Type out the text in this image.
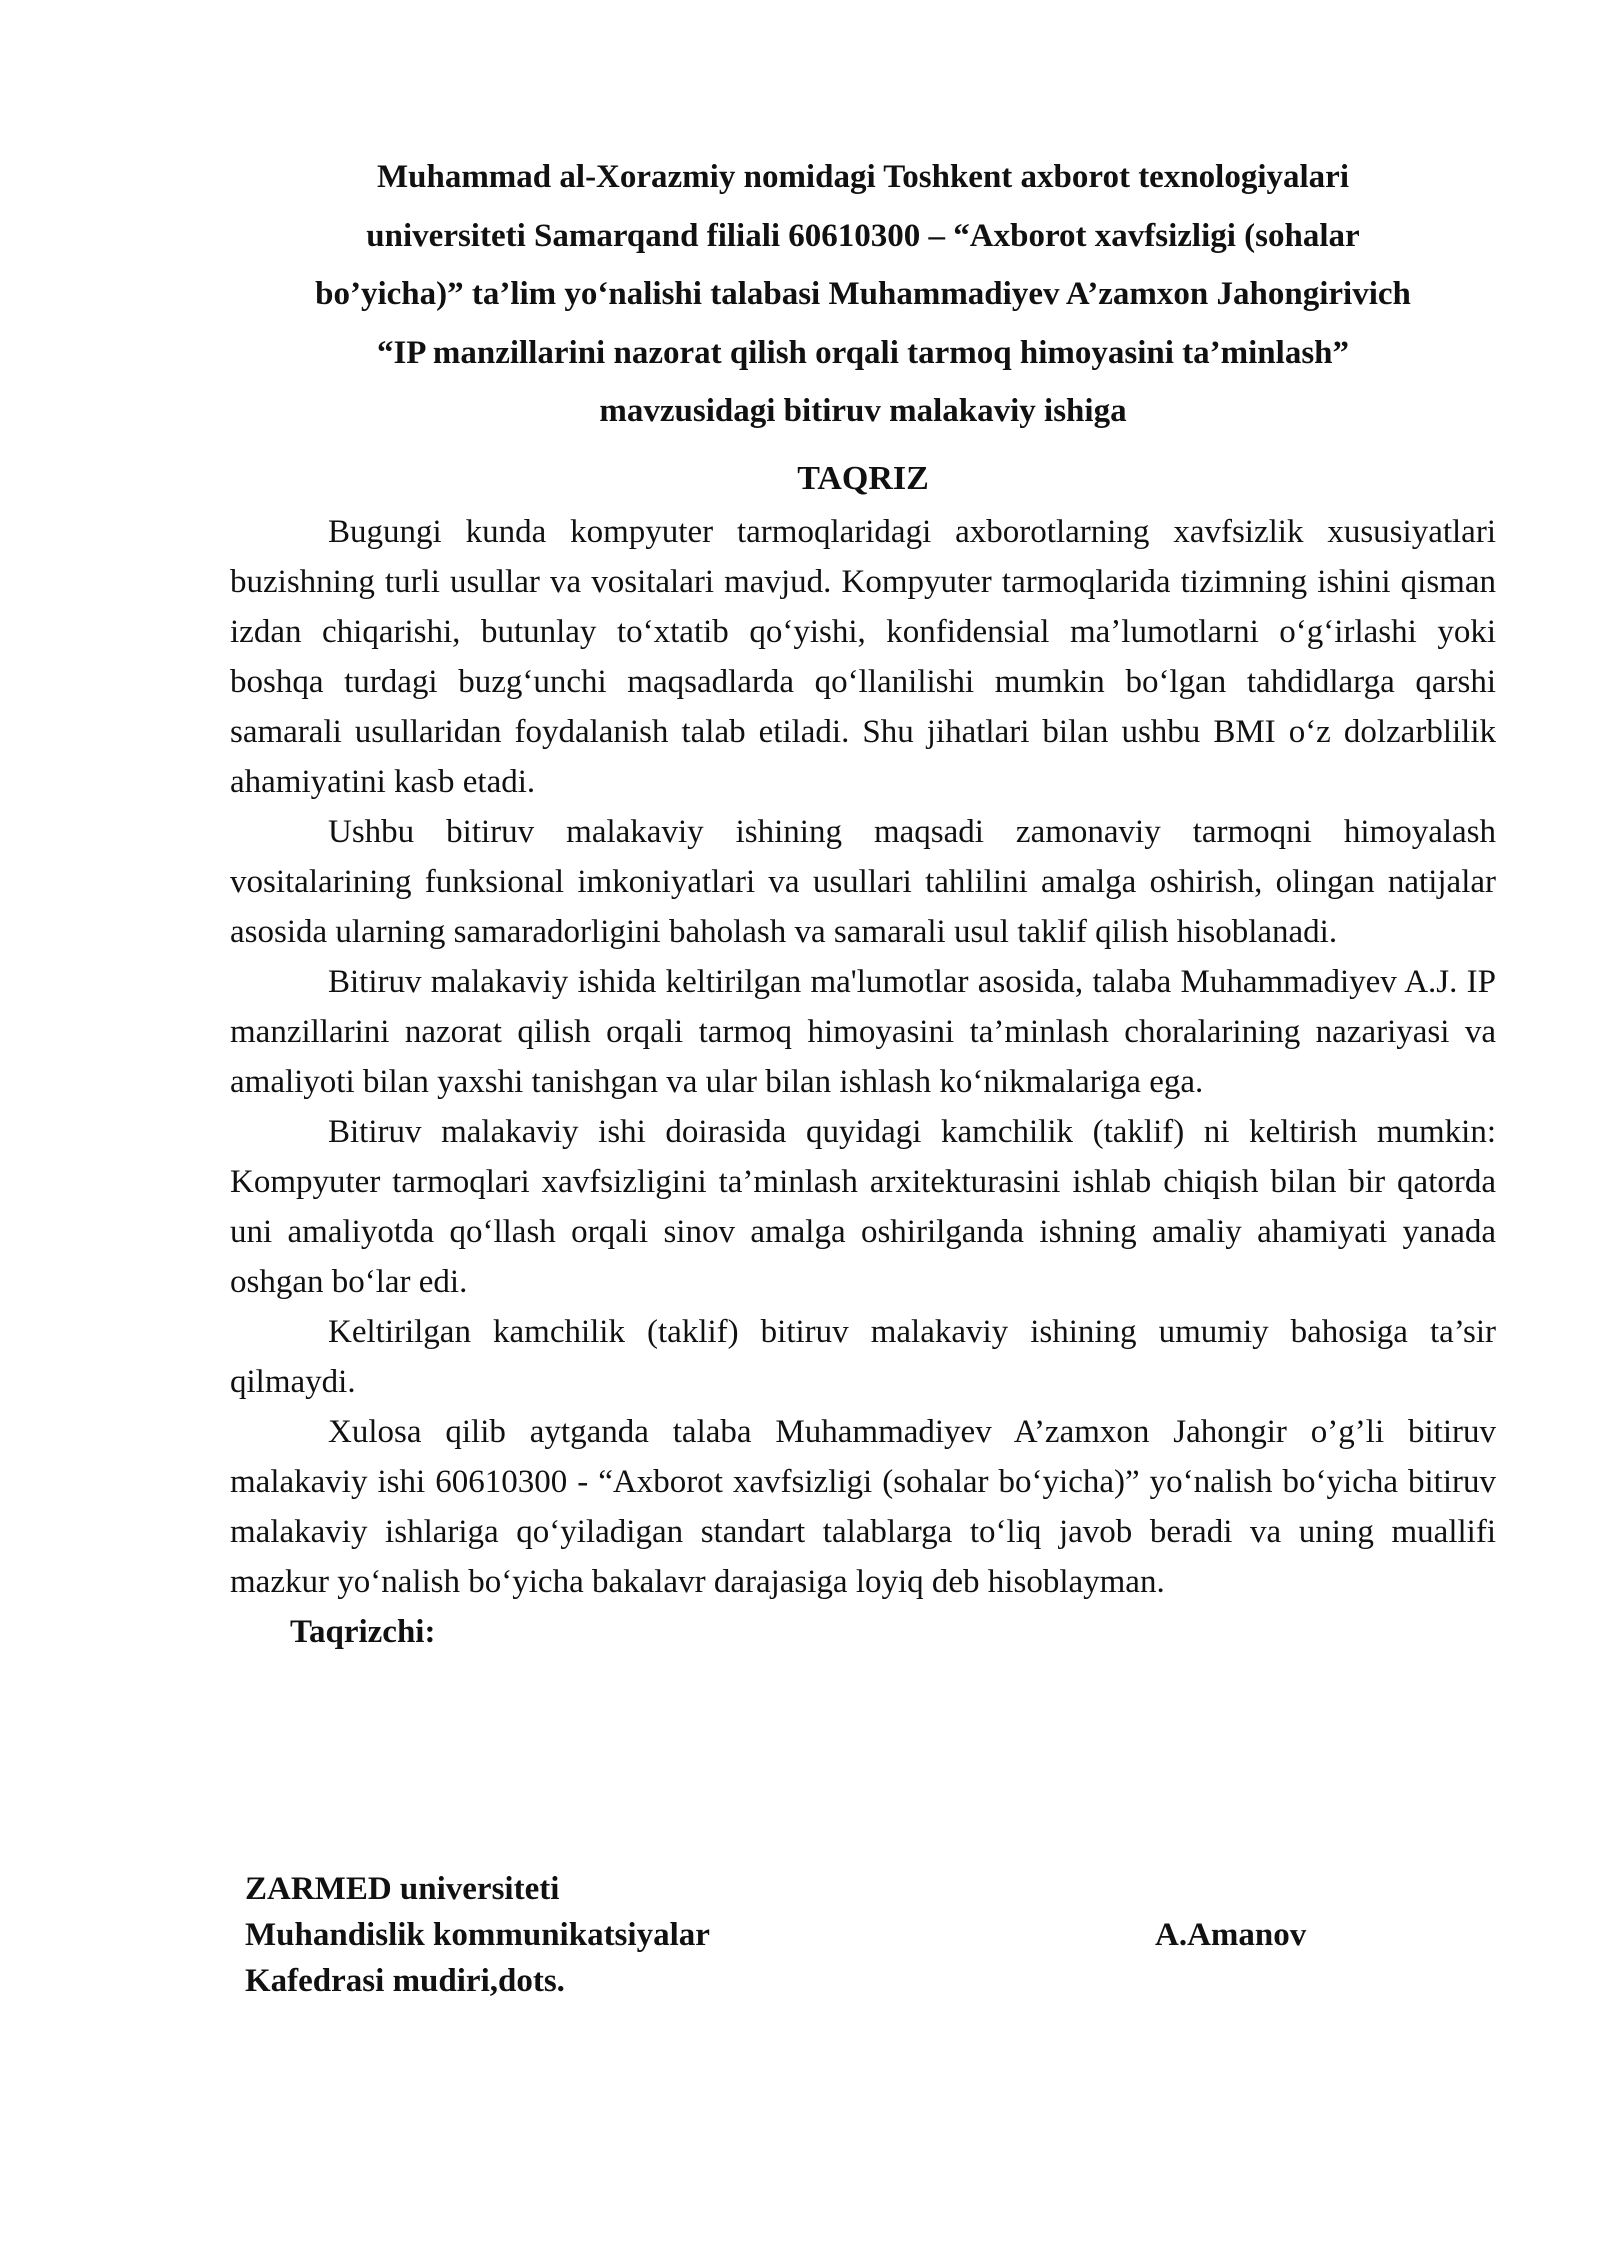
Muhammad al-Xorazmiy nomidagi Toshkent axborot texnologiyalari
universiteti Samarqand filiali 60610300 – “Axborot xavfsizligi (sohalar
bo’yicha)” ta’lim yoʻnalishi talabasi Muhammadiyev A’zamxon Jahongirivich
“IP manzillarini nazorat qilish orqali tarmoq himoyasini ta’minlash”
mavzusidagi bitiruv malakaviy ishiga
TAQRIZ

Bugungi kunda kompyuter tarmoqlaridagi axborotlarning xavfsizlik xususiyatlari buzishning turli usullar va vositalari mavjud. Kompyuter tarmoqlarida tizimning ishini qisman izdan chiqarishi, butunlay toʻxtatib qoʻyishi, konfidensial maʼlumotlarni oʻgʻirlashi yoki boshqa turdagi buzgʻunchi maqsadlarda qoʻllanilishi mumkin boʻlgan tahdidlarga qarshi samarali usullaridan foydalanish talab etiladi. Shu jihatlari bilan ushbu BMI oʻz dolzarblilik ahamiyatini kasb etadi.

Ushbu bitiruv malakaviy ishining maqsadi zamonaviy tarmoqni himoyalash vositalarining funksional imkoniyatlari va usullari tahlilini amalga oshirish, olingan natijalar asosida ularning samaradorligini baholash va samarali usul taklif qilish hisoblanadi.

Bitiruv malakaviy ishida keltirilgan ma'lumotlar asosida, talaba Muhammadiyev A.J. IP manzillarini nazorat qilish orqali tarmoq himoyasini ta’minlash choralarining nazariyasi va amaliyoti bilan yaxshi tanishgan va ular bilan ishlash koʻnikmalariga ega.

Bitiruv malakaviy ishi doirasida quyidagi kamchilik (taklif) ni keltirish mumkin: Kompyuter tarmoqlari xavfsizligini ta’minlash arxitekturasini ishlab chiqish bilan bir qatorda uni amaliyotda qoʻllash orqali sinov amalga oshirilganda ishning amaliy ahamiyati yanada oshgan boʻlar edi.

Keltirilgan kamchilik (taklif) bitiruv malakaviy ishining umumiy bahosiga ta’sir qilmaydi.

Xulosa qilib aytganda talaba Muhammadiyev A’zamxon Jahongir o’g’li bitiruv malakaviy ishi 60610300 - “Axborot xavfsizligi (sohalar boʻyicha)” yoʻnalish boʻyicha bitiruv malakaviy ishlariga qoʻyiladigan standart talablarga toʻliq javob beradi va uning muallifi mazkur yoʻnalish boʻyicha bakalavr darajasiga loyiq deb hisoblayman.

Taqrizchi:
ZARMED universiteti
Muhandislik kommunikatsiyalar
Kafedrasi mudiri,dots.
A.Amanov
